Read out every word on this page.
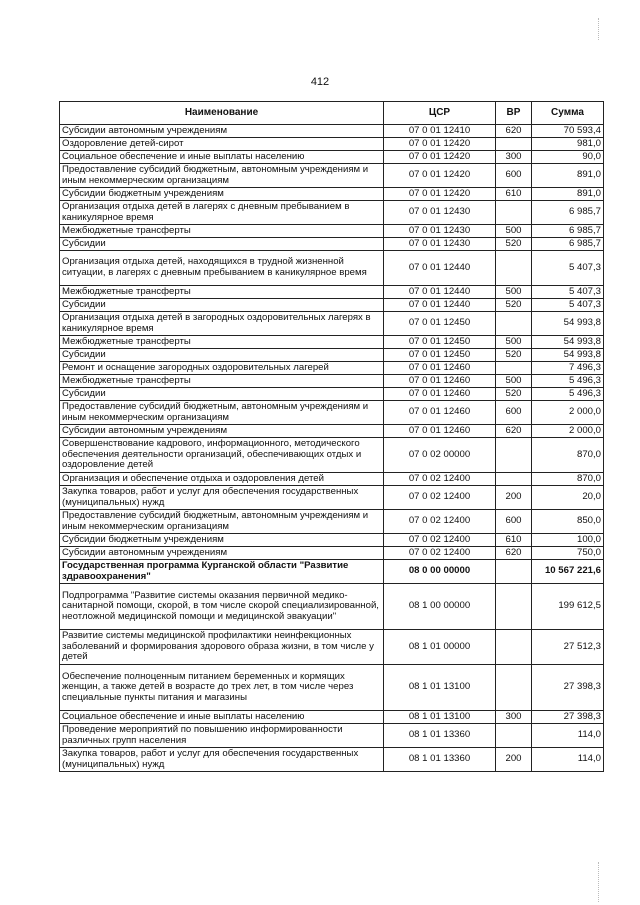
412
Наименование	ЦСР	ВР	Сумма
Субсидии автономным учреждениям	07 0 01 12410	620	70 593,4
Оздоровление детей-сирот	07 0 01 12420		981,0
Социальное обеспечение и иные выплаты населению	07 0 01 12420	300	90,0
Предоставление субсидий бюджетным, автономным учреждениям и иным некоммерческим организациям	07 0 01 12420	600	891,0
Субсидии бюджетным учреждениям	07 0 01 12420	610	891,0
Организация отдыха детей в лагерях с дневным пребыванием в каникулярное время	07 0 01 12430		6 985,7
Межбюджетные трансферты	07 0 01 12430	500	6 985,7
Субсидии	07 0 01 12430	520	6 985,7
Организация отдыха детей, находящихся в трудной жизненной ситуации, в лагерях с дневным пребыванием в каникулярное время	07 0 01 12440		5 407,3
Межбюджетные трансферты	07 0 01 12440	500	5 407,3
Субсидии	07 0 01 12440	520	5 407,3
Организация отдыха детей в загородных оздоровительных лагерях в каникулярное время	07 0 01 12450		54 993,8
Межбюджетные трансферты	07 0 01 12450	500	54 993,8
Субсидии	07 0 01 12450	520	54 993,8
Ремонт и оснащение загородных оздоровительных лагерей	07 0 01 12460		7 496,3
Межбюджетные трансферты	07 0 01 12460	500	5 496,3
Субсидии	07 0 01 12460	520	5 496,3
Предоставление субсидий бюджетным, автономным учреждениям и иным некоммерческим организациям	07 0 01 12460	600	2 000,0
Субсидии автономным учреждениям	07 0 01 12460	620	2 000,0
Совершенствование кадрового, информационного, методического обеспечения деятельности организаций, обеспечивающих отдых и оздоровление детей	07 0 02 00000		870,0
Организация и обеспечение отдыха и оздоровления детей	07 0 02 12400		870,0
Закупка товаров, работ и услуг для обеспечения государственных (муниципальных) нужд	07 0 02 12400	200	20,0
Предоставление субсидий бюджетным, автономным учреждениям и иным некоммерческим организациям	07 0 02 12400	600	850,0
Субсидии бюджетным учреждениям	07 0 02 12400	610	100,0
Субсидии автономным учреждениям	07 0 02 12400	620	750,0
Государственная программа Курганской области "Развитие здравоохранения"	08 0 00 00000		10 567 221,6
Подпрограмма "Развитие системы оказания первичной медико-санитарной помощи, скорой, в том числе скорой специализированной, неотложной медицинской помощи и медицинской эвакуации"	08 1 00 00000		199 612,5
Развитие системы медицинской профилактики неинфекционных заболеваний и формирования здорового образа жизни, в том числе у детей	08 1 01 00000		27 512,3
Обеспечение полноценным питанием беременных и кормящих женщин, а также детей в возрасте до трех лет, в том числе через специальные пункты питания и магазины	08 1 01 13100		27 398,3
Социальное обеспечение и иные выплаты населению	08 1 01 13100	300	27 398,3
Проведение мероприятий по повышению информированности различных групп населения	08 1 01 13360		114,0
Закупка товаров, работ и услуг для обеспечения государственных (муниципальных) нужд	08 1 01 13360	200	114,0
